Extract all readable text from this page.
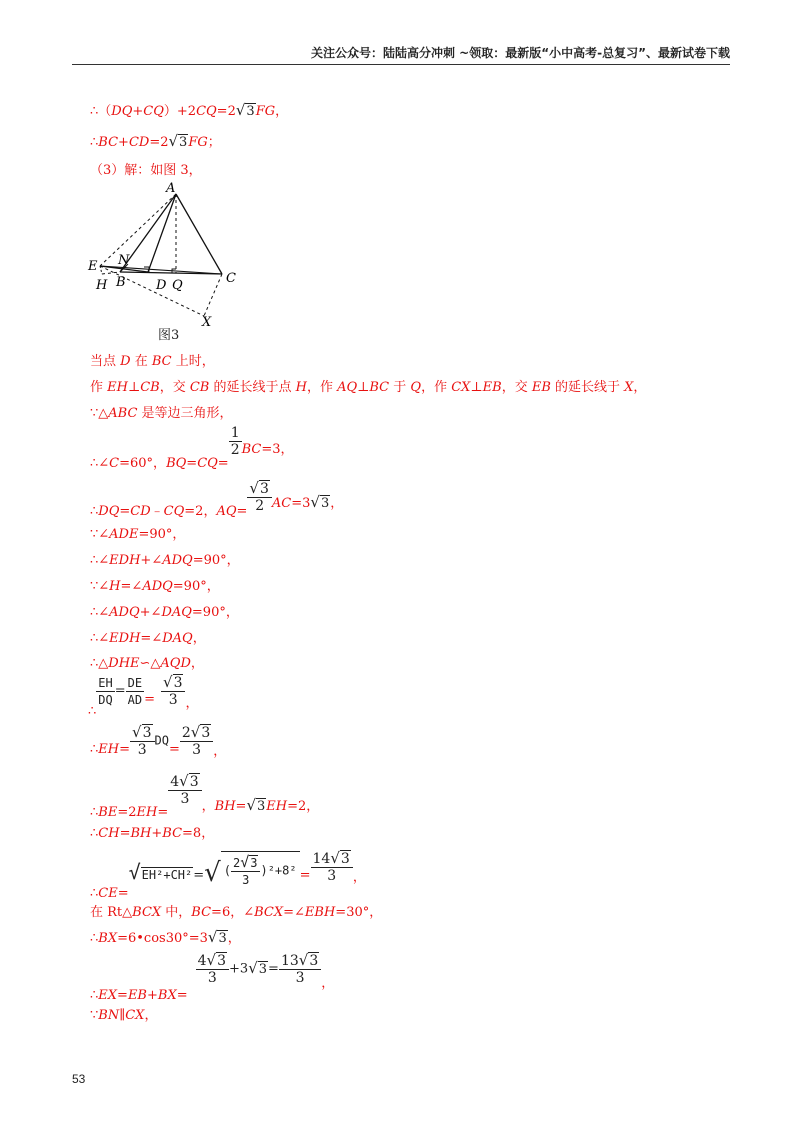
关注公众号：陆陆高分冲刺 ~领取：最新版“小中高考-总复习”、最新试卷下载
∴（DQ+CQ）+2CQ=2√3FG，
∴BC+CD=2√3FG；
（3）解：如图 3，
A
E N
H B D Q	C
X
图3
当点 D 在 BC 上时，
作 EH⊥CB，交 CB 的延长线于点 H，作 AQ⊥BC 于 Q，作 CX⊥EB，交 EB 的延长线于 X，
∵△ABC 是等边三角形，
∴∠C=60°，BQ=CQ=
$\frac{1}{2} BC=3$，
∴DQ=CD﹣CQ=2，$AQ= \frac{√3}{2} AC=3√3$，
∵∠ADE=90°，
∴∠EDH+∠ADQ=90°，
∵∠H=∠ADQ=90°，
∴∠ADQ+∠DAQ=90°，
∴∠EDH=∠DAQ，
∴△DHE∽△AQD，
∴
$\frac{EH}{DQ} = \frac{DE}{AD} = \frac{√3}{3}$ ，
∴EH= $\frac{√3}{3} DQ= \frac{2√3}{3}$ ，
∴BE=2EH=
$\frac{4√3}{3}$ ，BH=√3EH=2，
∴CH=BH+BC=8，
∴CE=√EH²+CH²=√ ( $\frac{2√3}{3} )^2+8^2 = \frac{14√3}{3}$ ，
在 Rt△BCX 中，BC=6，∠BCX=∠EBH=30°，
∴BX=6•cos30°=3√3，
∴EX=EB+BX=
$\frac{4√3}{3} +3√3= \frac{13√3}{3}$ ，
∵BN∥CX，
53
